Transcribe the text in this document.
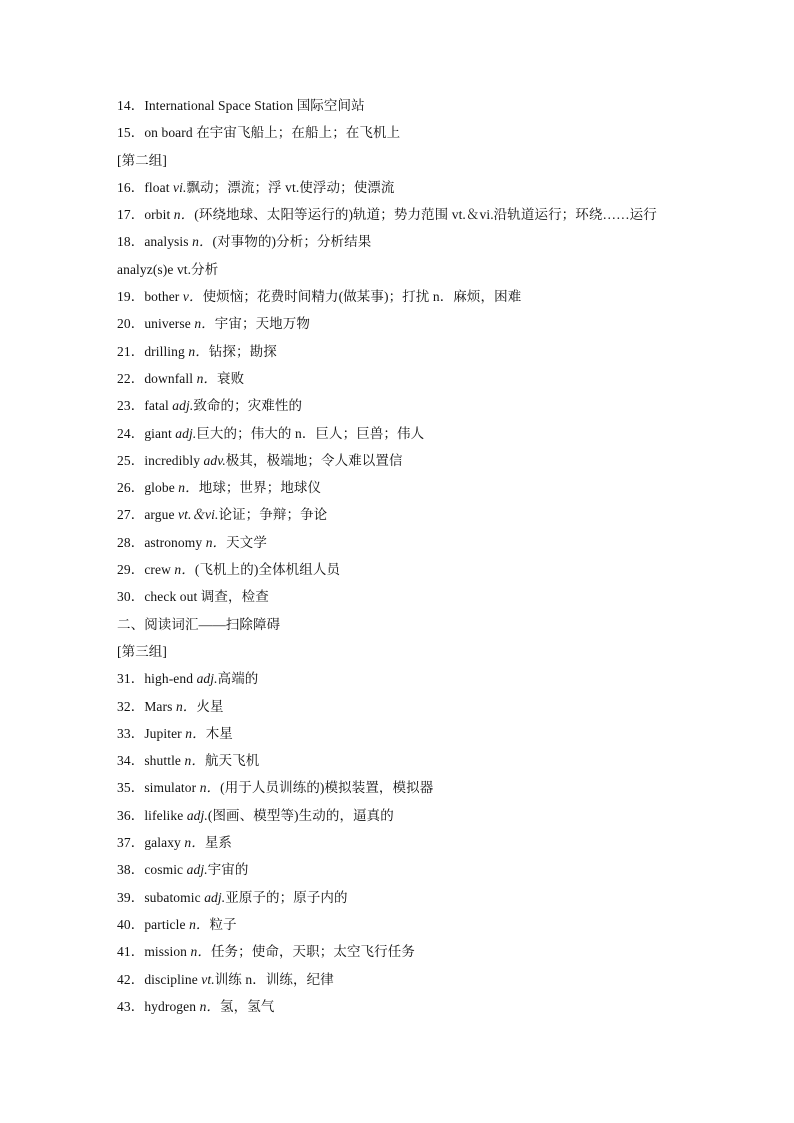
14．International Space Station 国际空间站
15．on board 在宇宙飞船上；在船上；在飞机上
[第二组]
16．float vi.飘动；漂流；浮 vt.使浮动；使漂流
17．orbit n．(环绕地球、太阳等运行的)轨道；势力范围 vt.＆vi.沿轨道运行；环绕……运行
18．analysis n．(对事物的)分析；分析结果
analyz(s)e vt.分析
19．bother v．使烦恼；花费时间精力(做某事)；打扰 n．麻烦，困难
20．universe n．宇宙；天地万物
21．drilling n．钻探；勘探
22．downfall n．衰败
23．fatal adj.致命的；灾难性的
24．giant adj.巨大的；伟大的 n．巨人；巨兽；伟人
25．incredibly adv.极其，极端地；令人难以置信
26．globe n．地球；世界；地球仪
27．argue vt.＆vi.论证；争辩；争论
28．astronomy n．天文学
29．crew n．(飞机上的)全体机组人员
30．check out 调查，检查
二、阅读词汇——扫除障碍
[第三组]
31．high-end adj.高端的
32．Mars n．火星
33．Jupiter n．木星
34．shuttle n．航天飞机
35．simulator n．(用于人员训练的)模拟装置，模拟器
36．lifelike adj.(图画、模型等)生动的，逼真的
37．galaxy n．星系
38．cosmic adj.宇宙的
39．subatomic adj.亚原子的；原子内的
40．particle n．粒子
41．mission n．任务；使命，天职；太空飞行任务
42．discipline vt.训练 n．训练，纪律
43．hydrogen n．氢，氢气
